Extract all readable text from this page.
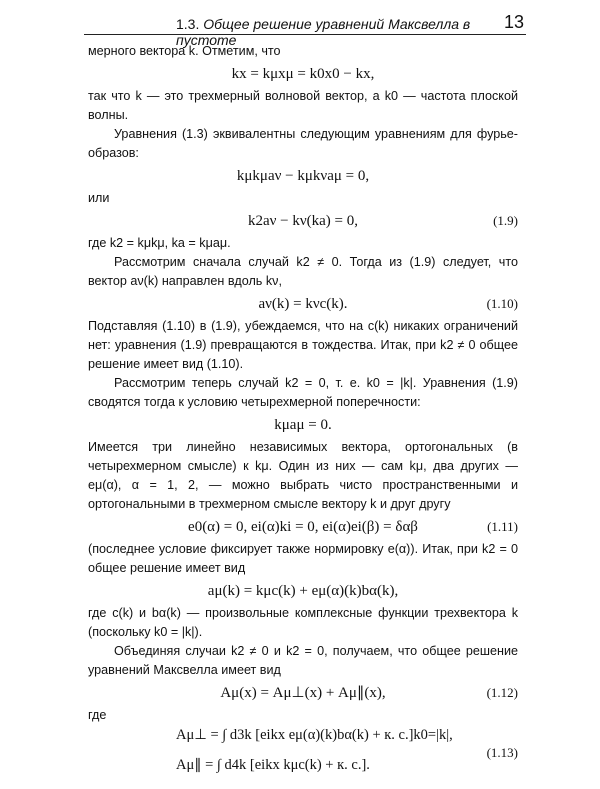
1.3. Общее решение уравнений Максвелла в пустоте
13

мерного вектора k. Отметим, что

kx = kμxμ = k0x0 − kx,

так что k — это трехмерный волновой вектор, а k0 — частота плоской волны.

Уравнения (1.3) эквивалентны следующим уравнениям для фурье-образов:

kμkμaν − kμkνaμ = 0,

или

k2aν − kν(ka) = 0,	(1.9)

где k2 = kμkμ, ka = kμaμ.

Рассмотрим сначала случай k2 ≠ 0. Тогда из (1.9) следует, что вектор aν(k) направлен вдоль kν,

aν(k) = kνc(k).	(1.10)

Подставляя (1.10) в (1.9), убеждаемся, что на c(k) никаких ограничений нет: уравнения (1.9) превращаются в тождества. Итак, при k2 ≠ 0 общее решение имеет вид (1.10).

Рассмотрим теперь случай k2 = 0, т. е. k0 = |k|. Уравнения (1.9) сводятся тогда к условию четырехмерной поперечности:

kμaμ = 0.

Имеется три линейно независимых вектора, ортогональных (в четырехмерном смысле) к kμ. Один из них — сам kμ, два других — eμ(α), α = 1, 2, — можно выбрать чисто пространственными и ортогональными в трехмерном смысле вектору k и друг другу

e0(α) = 0, ei(α)ki = 0, ei(α)ei(β) = δαβ	(1.11)

(последнее условие фиксирует также нормировку e(α)). Итак, при k2 = 0 общее решение имеет вид

aμ(k) = kμc(k) + eμ(α)(k)bα(k),

где c(k) и bα(k) — произвольные комплексные функции трехвектора k (поскольку k0 = |k|).

Объединяя случаи k2 ≠ 0 и k2 = 0, получаем, что общее решение уравнений Максвелла имеет вид

Aμ(x) = Aμ⊥(x) + Aμ∥(x),	(1.12)

где

Aμ⊥ = ∫ d3k [eikx eμ(α)(k)bα(k) + к. с.]k0=|k|,
Aμ∥ = ∫ d4k [eikx kμc(k) + к. с.].
(1.13)
